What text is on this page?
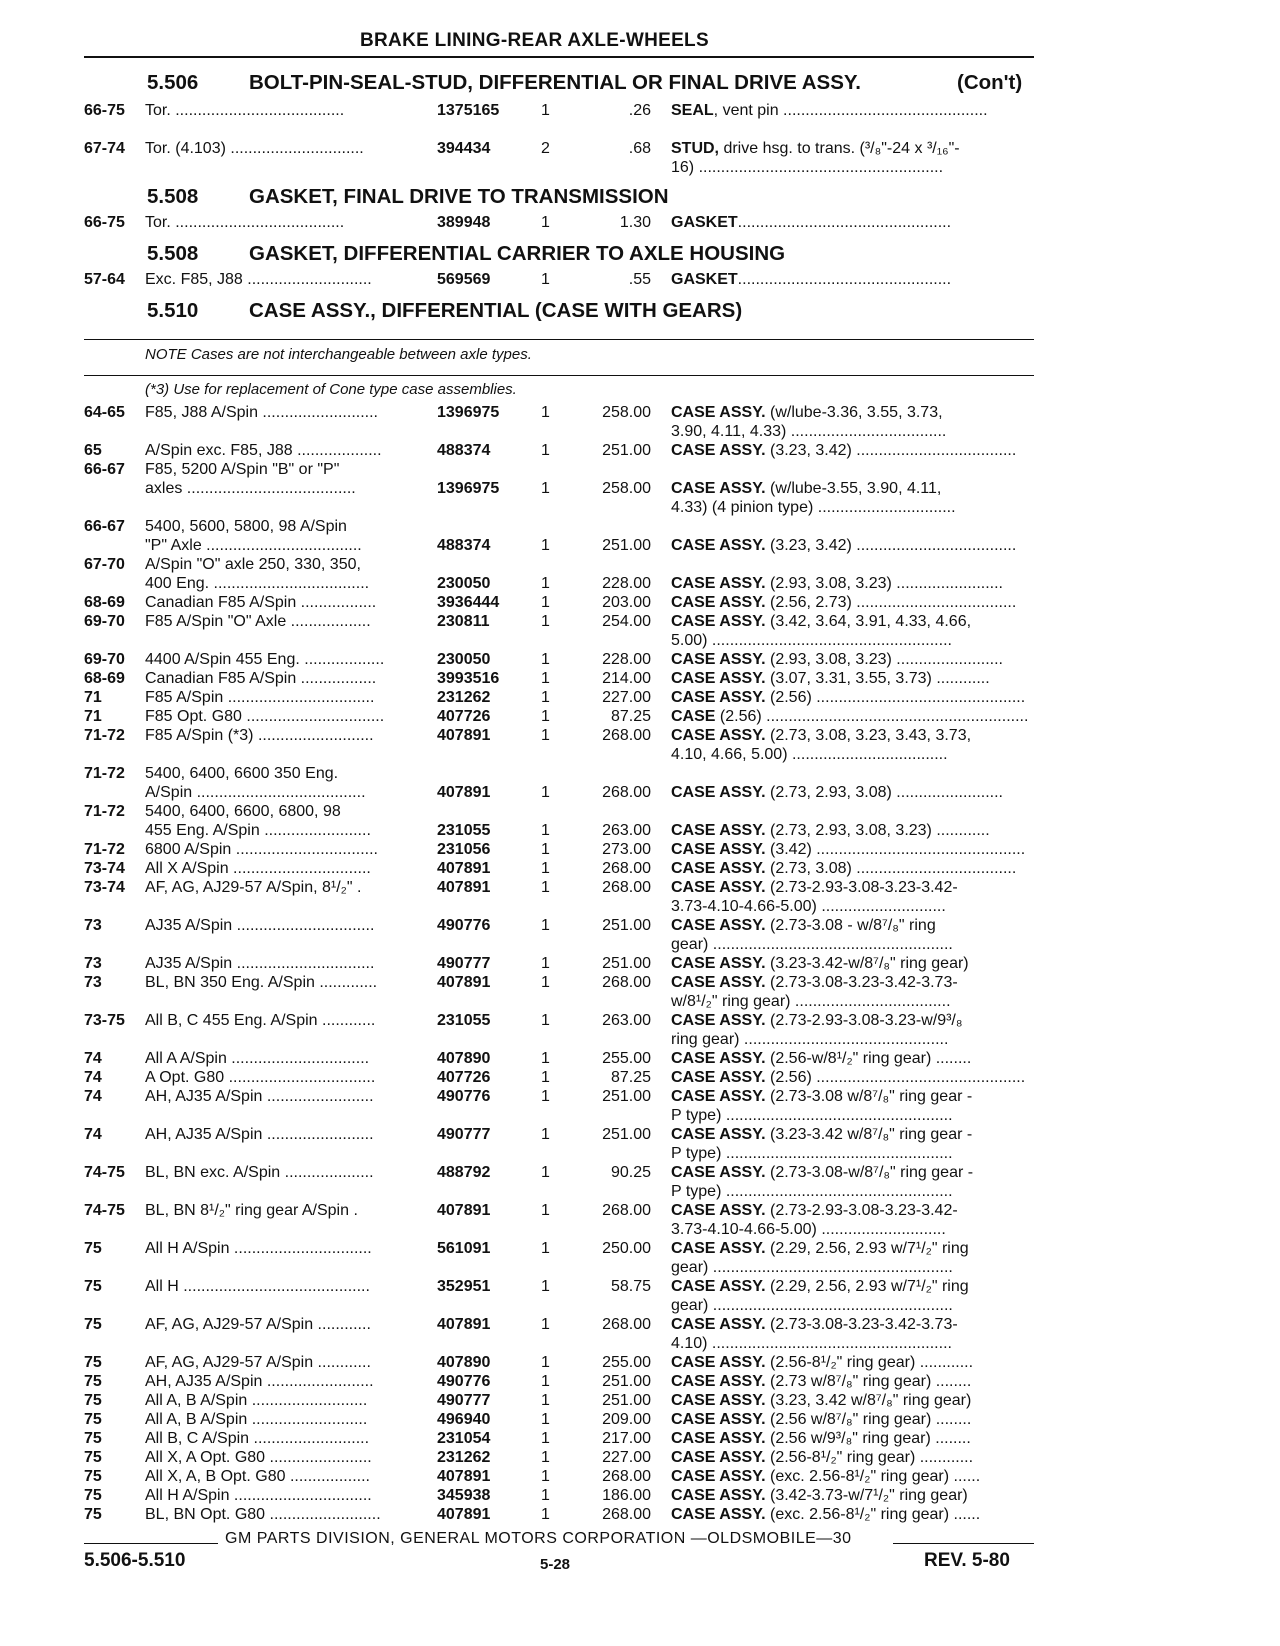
BRAKE LINING-REAR AXLE-WHEELS
5.506 BOLT-PIN-SEAL-STUD, DIFFERENTIAL OR FINAL DRIVE ASSY.	(Con't)
5.508 GASKET, FINAL DRIVE TO TRANSMISSION
5.508 GASKET, DIFFERENTIAL CARRIER TO AXLE HOUSING
5.510 CASE ASSY., DIFFERENTIAL (CASE WITH GEARS)
NOTE Cases are not interchangeable between axle types.
(*3) Use for replacement of Cone type case assemblies.
66-75 Tor. ......................................	1375165	1	.26 SEAL, vent pin ..............................................
67-74 Tor. (4.103) ..............................	394434	2	.68 STUD, drive hsg. to trans. (³/₈"-24 x ³/₁₆"-
16) .......................................................
66-75 Tor. ......................................	389948	1	1.30 GASKET................................................
57-64 Exc. F85, J88 ............................	569569	1	.55 GASKET................................................
64-65 F85, J88 A/Spin ..........................	1396975	1	258.00 CASE ASSY. (w/lube-3.36, 3.55, 3.73,
3.90, 4.11, 4.33) ...................................
65	A/Spin exc. F85, J88 ...................	488374	1	251.00 CASE ASSY. (3.23, 3.42) ....................................
66-67 F85, 5200 A/Spin "B" or "P"
axles ......................................	1396975	1	258.00 CASE ASSY. (w/lube-3.55, 3.90, 4.11,
4.33) (4 pinion type) ...............................
66-67 5400, 5600, 5800, 98 A/Spin
"P" Axle ...................................	488374	1	251.00 CASE ASSY. (3.23, 3.42) ....................................
67-70 A/Spin "O" axle 250, 330, 350,
400 Eng. ...................................	230050	1	228.00 CASE ASSY. (2.93, 3.08, 3.23) ........................
68-69 Canadian F85 A/Spin .................	3936444	1	203.00 CASE ASSY. (2.56, 2.73) ....................................
69-70 F85 A/Spin "O" Axle ..................	230811	1	254.00 CASE ASSY. (3.42, 3.64, 3.91, 4.33, 4.66,
5.00) ......................................................
69-70 4400 A/Spin 455 Eng. ..................	230050	1	228.00 CASE ASSY. (2.93, 3.08, 3.23) ........................
68-69 Canadian F85 A/Spin .................	3993516	1	214.00 CASE ASSY. (3.07, 3.31, 3.55, 3.73) ............
71	F85 A/Spin .................................	231262	1	227.00 CASE ASSY. (2.56) ...............................................
71	F85 Opt. G80 ...............................	407726	1	87.25 CASE (2.56) ...........................................................
71-72 F85 A/Spin (*3) ..........................	407891	1	268.00 CASE ASSY. (2.73, 3.08, 3.23, 3.43, 3.73,
4.10, 4.66, 5.00) ...................................
71-72 5400, 6400, 6600 350 Eng.
A/Spin ......................................	407891	1	268.00 CASE ASSY. (2.73, 2.93, 3.08) ........................
71-72 5400, 6400, 6600, 6800, 98
455 Eng. A/Spin ........................	231055	1	263.00 CASE ASSY. (2.73, 2.93, 3.08, 3.23) ............
71-72 6800 A/Spin ................................	231056	1	273.00 CASE ASSY. (3.42) ...............................................
73-74 All X A/Spin ...............................	407891	1	268.00 CASE ASSY. (2.73, 3.08) ....................................
73-74 AF, AG, AJ29-57 A/Spin, 8¹/₂" .	407891	1	268.00 CASE ASSY. (2.73-2.93-3.08-3.23-3.42-
3.73-4.10-4.66-5.00) ............................
73	AJ35 A/Spin ...............................	490776	1	251.00 CASE ASSY. (2.73-3.08 - w/8⁷/₈" ring
gear) ......................................................
73	AJ35 A/Spin ...............................	490777	1	251.00 CASE ASSY. (3.23-3.42-w/8⁷/₈" ring gear)
73	BL, BN 350 Eng. A/Spin .............	407891	1	268.00 CASE ASSY. (2.73-3.08-3.23-3.42-3.73-
w/8¹/₂" ring gear) ...................................
73-75 All B, C 455 Eng. A/Spin ............	231055	1	263.00 CASE ASSY. (2.73-2.93-3.08-3.23-w/9³/₈
ring gear) ..............................................
74	All A A/Spin ...............................	407890	1	255.00 CASE ASSY. (2.56-w/8¹/₂" ring gear) ........
74	A Opt. G80 .................................	407726	1	87.25 CASE ASSY. (2.56) ...............................................
74	AH, AJ35 A/Spin ........................	490776	1	251.00 CASE ASSY. (2.73-3.08 w/8⁷/₈" ring gear -
P type) ...................................................
74	AH, AJ35 A/Spin ........................	490777	1	251.00 CASE ASSY. (3.23-3.42 w/8⁷/₈" ring gear -
P type) ...................................................
74-75 BL, BN exc. A/Spin ....................	488792	1	90.25 CASE ASSY. (2.73-3.08-w/8⁷/₈" ring gear -
P type) ...................................................
74-75 BL, BN 8¹/₂" ring gear A/Spin .	407891	1	268.00 CASE ASSY. (2.73-2.93-3.08-3.23-3.42-
3.73-4.10-4.66-5.00) ............................
75	All H A/Spin ...............................	561091	1	250.00 CASE ASSY. (2.29, 2.56, 2.93 w/7¹/₂" ring
gear) ......................................................
75	All H ..........................................	352951	1	58.75 CASE ASSY. (2.29, 2.56, 2.93 w/7¹/₂" ring
gear) ......................................................
75	AF, AG, AJ29-57 A/Spin ............	407891	1	268.00 CASE ASSY. (2.73-3.08-3.23-3.42-3.73-
4.10) ......................................................
75	AF, AG, AJ29-57 A/Spin ............	407890	1	255.00 CASE ASSY. (2.56-8¹/₂" ring gear) ............
75	AH, AJ35 A/Spin ........................	490776	1	251.00 CASE ASSY. (2.73 w/8⁷/₈" ring gear) ........
75	All A, B A/Spin ..........................	490777	1	251.00 CASE ASSY. (3.23, 3.42 w/8⁷/₈" ring gear)
75	All A, B A/Spin ..........................	496940	1	209.00 CASE ASSY. (2.56 w/8⁷/₈" ring gear) ........
75	All B, C A/Spin ..........................	231054	1	217.00 CASE ASSY. (2.56 w/9³/₈" ring gear) ........
75	All X, A Opt. G80 .......................	231262	1	227.00 CASE ASSY. (2.56-8¹/₂" ring gear) ............
75	All X, A, B Opt. G80 ..................	407891	1	268.00 CASE ASSY. (exc. 2.56-8¹/₂" ring gear) ......
75	All H A/Spin ...............................	345938	1	186.00 CASE ASSY. (3.42-3.73-w/7¹/₂" ring gear)
75	BL, BN Opt. G80 .........................	407891	1	268.00 CASE ASSY. (exc. 2.56-8¹/₂" ring gear) ......
GM PARTS DIVISION, GENERAL MOTORS CORPORATION —OLDSMOBILE—30
5.506-5.510	5-28	REV. 5-80
